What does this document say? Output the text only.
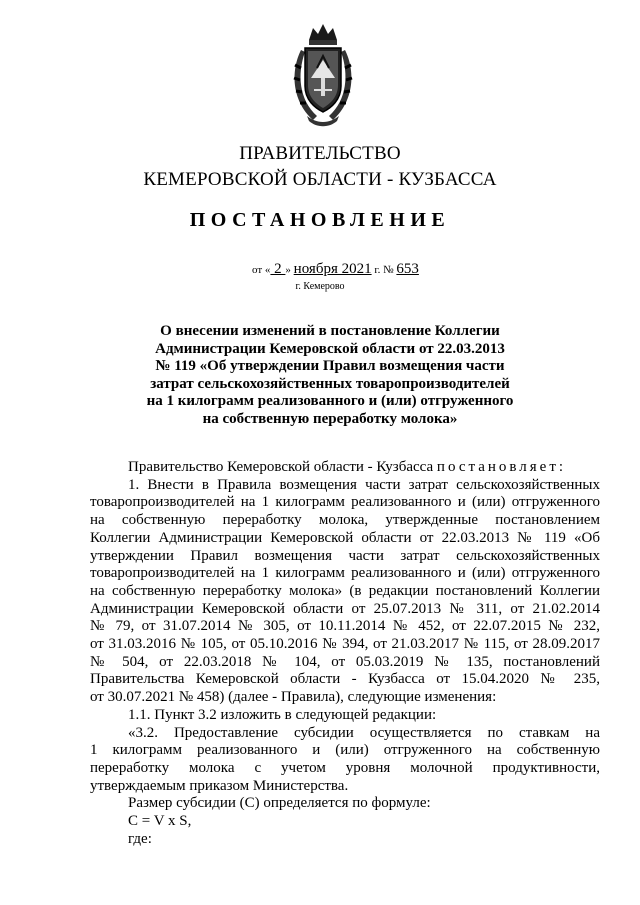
ПРАВИТЕЛЬСТВО
КЕМЕРОВСКОЙ ОБЛАСТИ - КУЗБАССА
ПОСТАНОВЛЕНИЕ
от « 2 » ноября 2021 г. № 653
г. Кемерово
О внесении изменений в постановление Коллегии
Администрации Кемеровской области от 22.03.2013
№ 119 «Об утверждении Правил возмещения части
затрат сельскохозяйственных товаропроизводителей
на 1 килограмм реализованного и (или) отгруженного
на собственную переработку молока»
Правительство Кемеровской области - Кузбасса постановляет:
1. Внести в Правила возмещения части затрат сельскохозяйственных
товаропроизводителей на 1 килограмм реализованного и (или) отгруженного
на собственную переработку молока, утвержденные постановлением
Коллегии Администрации Кемеровской области от 22.03.2013 № 119 «Об
утверждении Правил возмещения части затрат сельскохозяйственных
товаропроизводителей на 1 килограмм реализованного и (или) отгруженного
на собственную переработку молока» (в редакции постановлений Коллегии
Администрации Кемеровской области от 25.07.2013 № 311, от 21.02.2014
№ 79, от 31.07.2014 № 305, от 10.11.2014 № 452, от 22.07.2015 № 232,
от 31.03.2016 № 105, от 05.10.2016 № 394, от 21.03.2017 № 115, от 28.09.2017
№ 504, от 22.03.2018 № 104, от 05.03.2019 № 135, постановлений
Правительства Кемеровской области - Кузбасса от 15.04.2020 № 235,
от 30.07.2021 № 458) (далее - Правила), следующие изменения:
1.1. Пункт 3.2 изложить в следующей редакции:
«3.2. Предоставление субсидии осуществляется по ставкам на
1 килограмм реализованного и (или) отгруженного на собственную
переработку молока с учетом уровня молочной продуктивности,
утверждаемым приказом Министерства.
Размер субсидии (C) определяется по формуле:
C = V x S,
где:
